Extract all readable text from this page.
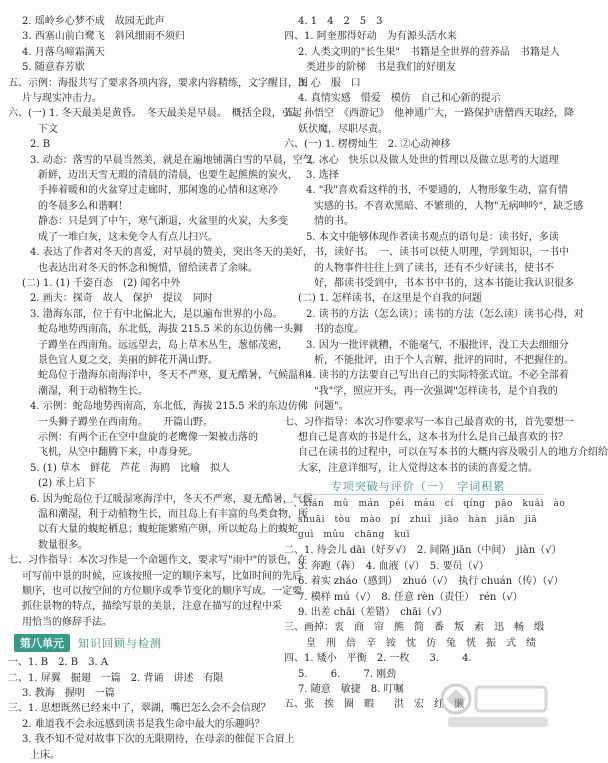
2. 瑶岭乡心梦不成　故园无此声
3. 西塞山前白鹭飞　斜风细雨不须归
4. 月落乌啼霜满天
5. 随意春芳歇
五、示例：海报共写了要求各项内容，要求内容精练，文字醒目，图
片与现实冲击力。
六、(一) 1. 冬天最美是黄昏。　冬天最美是早晨。　概括全段，引起
下文
2. B
3. 动态：落雪的早晨当然美，就是在遍地铺满白雪的早晨，空气
新鲜，迈出天雪无瑕的清晨的清晨，也要生起熊熊的炭火，
手捧着暖和的火盆穿过走廊时，那闲逸的心情和这寒冷
的冬晨多么和谐啊！
静态：只是到了中午，寒气渐退，火盆里的火炭，大多变
成了一堆白灰，这未免令人有点儿扫兴。
4. 表达了作者对冬天的喜爱，对早晨的赞美，突出冬天的美好，
也表达出对冬天的怀念和惋惜，留给读者了余味。
(二) 1. (1) 千姿百态　(2) 闻名中外
2. 画夫：探奇　故人　保护　提议　同时
3. 渤海东部，位于有中北偏北大，是以遍布世界的小岛。
蛇岛地势西南高，东北低，海拔 215.5 米的东边仿佛一头狮
子蹲坐在西南角。远远望去，岛上草木丛生，葱郁茂密，
景色宜人夏之交，美丽的鲜花开满山野。
蛇岛位于渤海东南海洋中，冬天不严寒，夏无酷暑，气候温和
潮湿，利于动植物生长。
4. 示例：蛇岛地势西南高，东北低，海拔 215.5 米的东边仿佛
一头狮子蹲坐在西南角。　　开篇山野。
示例：有两个正在空中盘旋的老鹰像一架被击落的
飞机，从空中翻腾下来，中毒身死。
5. (1) 草木　鲜花　芦花　海鸥　比喻　拟人
(2) 承上启下
6. 因为蛇岛位于辽暖湿寒海洋中，冬天不严寒，夏无酷暑，气候
温和潮湿，利于动植物生长，而且岛上有丰富的鸟类食物，所
以有大量的蝮蛇栖息；蝮蛇能繁殖产卵，所以蛇岛上的蝮蛇
数量很多。
七、习作指导：本次习作是一个命题作文，要求写"雨中"的景色，在
可写前中景的时候，应该按照一定的顺序来写，比如时间的先后
顺序，也可以按空间的方位顺序或季节变化的顺序写成。一定要
抓住景物的特点，描绘写景的美景，注意在描写的过程中采
用恰当的修辞手法。
第八单元	知识回顾与检测
一、1. B　2. B　3. A
二、1. 屏翼　掘翅　一篇　2. 背诵　讲述　有限
3. 教海　握明　一篇
三、1. 思想既然已经来中了，翠湖，嘴巴怎么会不会信现？
2. 难道我不会永远感到读书是我生命中最大的乐趣吗？
3. 我不知不觉对故事下次的无限期待，在母亲的催促下合眉上
上床。
4. 1　4　2　5　3
四、1. 阿奎那得好动　为有源头活水来
2. 人类文明的"长生果"　书籍是全世界的营养品　书籍是人
类进步的阶梯　书是我们的好朋友
3. 心　服　口
4. 真情实感　惜爱　模仿　自己和心新的提示
五、孙悟空　《西游记》　他神通广大，一路保护唐僧西天取经，降
妖伏魔，尽职尽责。
六、(一) 1. 楞楞灿生　2. ②心动神移
2. 冰心　快乐以及做人处世的哲理以及做立思考的大道理
3. 选择
4. "我"喜欢看这样的书，不要通的，人物形象生动，富有情
实感的书。不喜欢黑暗、不繁琐的，人物"无病呻吟"，缺乏感
情的书。
5. 本文中能够体现作者读书观点的语句是：读书好，多读
书，读好书。　一、读书可以使人明理，学到知识，一书中
的人物事件往往上到了读书，还有不少好读书，使书不
好，都读书受到中，书本书中书的，这本书能让我认识很多
(二) 1. 怎样读书，在这里是个自我的问题
2. 读书的方法（怎么读）；读书的方法（怎么读）读书心得，对
书的态度。
3. 因为一批评就糟，不能毫气，不服批评，没工夫去细细分
析，不能批评，由于个人言解，批评的同时，不把握住的。
4. 读书的方法要自己写出自己的实际特张式谊。不必全部着
"我"学，照应开头，再一次强调"怎样读书，是个自我的
问题"。
七、习作指导：本次习作要求写一本自己最喜欢的书，首先要想一
想自己是喜欢的书是什么，这本书为什么是自己最喜欢的书？
自己在读书的过程中，可以在写本书的大概内容及吸引人的地方介绍给
大家，注意详细写，让人觉得这本书的读的喜爱之情。
专项突破与评价（一）　字词积累
一、xián　mǔ　mán　péi　máu　cí　qíng　pāo　kuài　ào
shuāi　tòu　mào　pí　zhuǐ　jiǎo　hàn　jiǎn　jiā
guì　mǔu　chāng　kuī
二、1. 待会儿 dāi（好歹√）　2. 间隔 jiān（中间）　jiàn（√）
3. 奔跑（犇）　4. 血液（√）　5. 要员（√）
6. 着实 zháo（感到）　zhuó（√）　执行 chuán（传）（√）
7. 模样 mú（√）　8. 任意 rèn（责任）　rén（√）
9. 出差 chāi（差错）　chāi（√）
三、画掉：衷　商　帘　熊　简　番　叛　索　迅　畅　缎
皇　刑　倍　辛　铵　忱　仿　兔　恍　振　式　绩
四、1. 矮小　平衡　2. 一枚　　3. 　　4.
5. 　　6. 　　7. 刚劲
7. 随意　敏捷　8. 叮嘱　　
五、张　挨　圈　暇　　洪　宏　红　懒
